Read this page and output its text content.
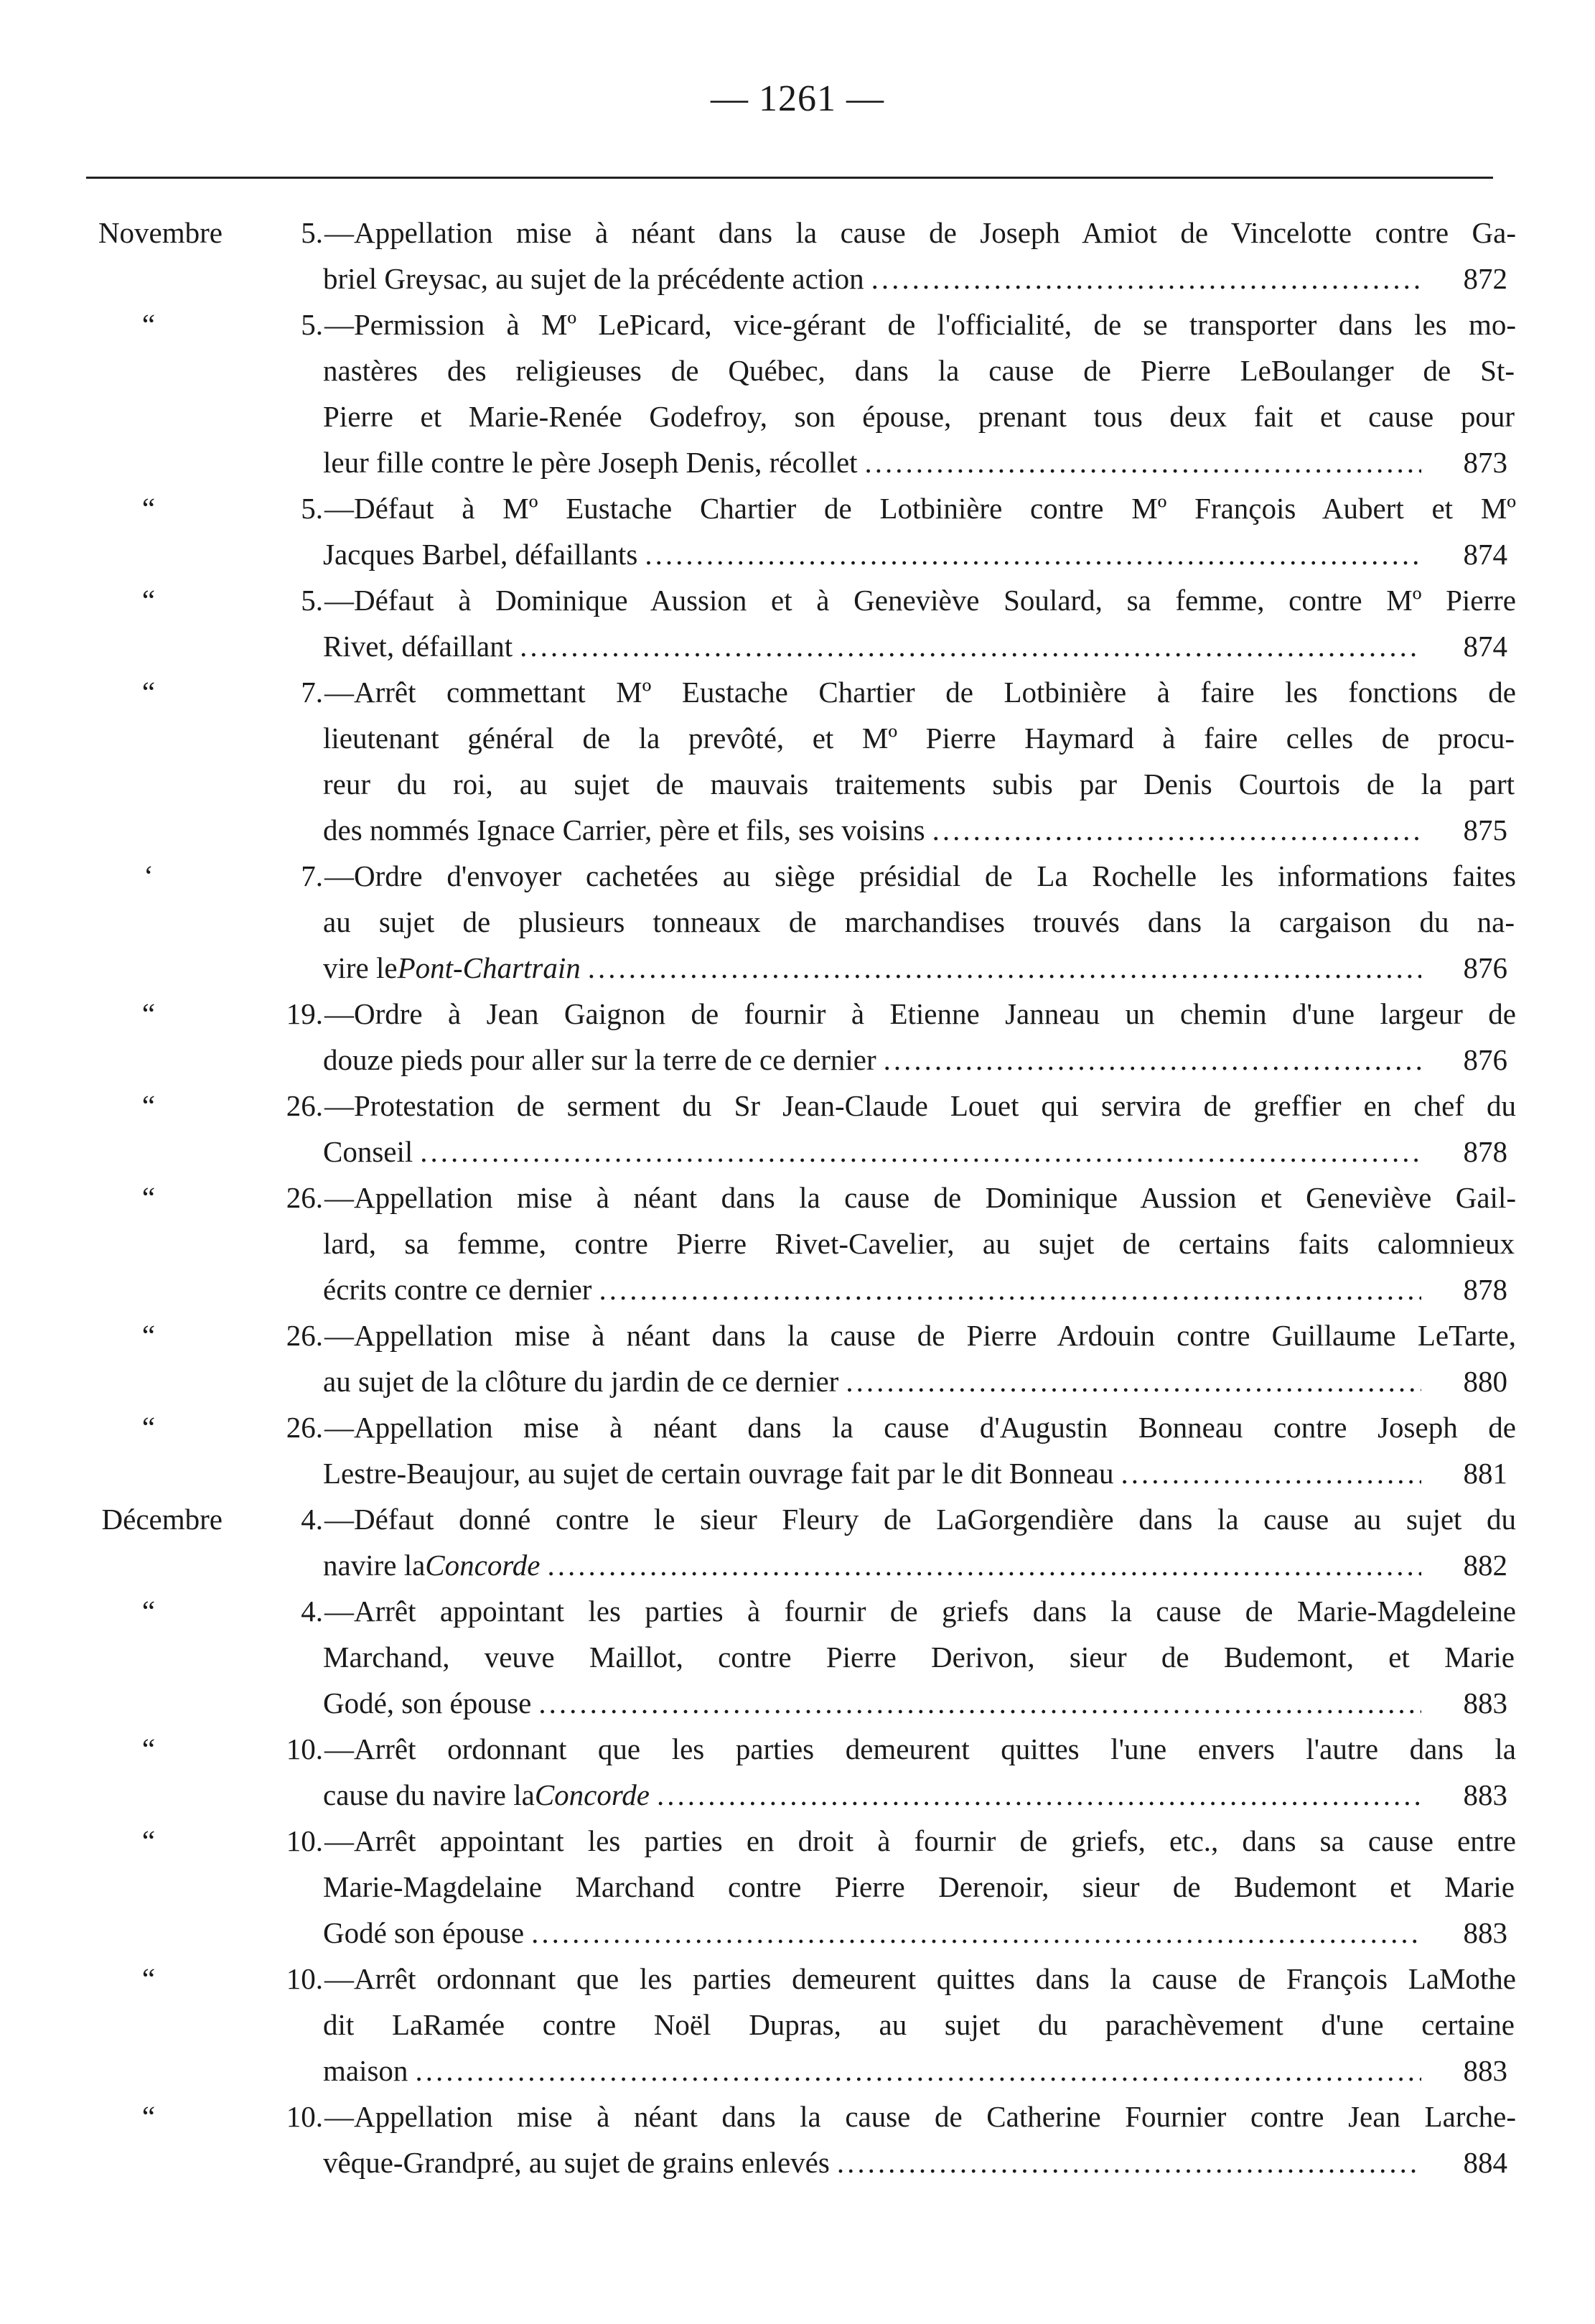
— 1261 —
Novembre	5. —Appellation mise à néant dans la cause de Joseph Amiot de Vincelotte contre Ga-
briel Greysac, au sujet de la précédente action .....	872
“	5. —Permission à Mº LePicard, vice-gérant de l'officialité, de se transporter dans les mo-
nastères des religieuses de Québec, dans la cause de Pierre LeBoulanger de St-
Pierre et Marie-Renée Godefroy, son épouse, prenant tous deux fait et cause pour
leur fille contre le père Joseph Denis, récollet .....	873
“	5. —Défaut à Mº Eustache Chartier de Lotbinière contre Mº François Aubert et Mº
Jacques Barbel, défaillants .....	874
“	5. —Défaut à Dominique Aussion et à Geneviève Soulard, sa femme, contre Mº Pierre
Rivet, défaillant .....	874
“	7. —Arrêt commettant Mº Eustache Chartier de Lotbinière à faire les fonctions de
lieutenant général de la prevôté, et Mº Pierre Haymard à faire celles de procu-
reur du roi, au sujet de mauvais traitements subis par Denis Courtois de la part
des nommés Ignace Carrier, père et fils, ses voisins .....	875
‘	7. —Ordre d'envoyer cachetées au siège présidial de La Rochelle les informations faites
au sujet de plusieurs tonneaux de marchandises trouvés dans la cargaison du na-
vire le Pont-Chartrain .....	876
“	19. —Ordre à Jean Gaignon de fournir à Etienne Janneau un chemin d'une largeur de
douze pieds pour aller sur la terre de ce dernier .....	876
“	26. —Protestation de serment du Sr Jean-Claude Louet qui servira de greffier en chef du
Conseil .....	878
“	26. —Appellation mise à néant dans la cause de Dominique Aussion et Geneviève Gail-
lard, sa femme, contre Pierre Rivet-Cavelier, au sujet de certains faits calomnieux
écrits contre ce dernier .....	878
“	26. —Appellation mise à néant dans la cause de Pierre Ardouin contre Guillaume LeTarte,
au sujet de la clôture du jardin de ce dernier .....	880
“	26. —Appellation mise à néant dans la cause d'Augustin Bonneau contre Joseph de
Lestre-Beaujour, au sujet de certain ouvrage fait par le dit Bonneau .....	881
Décembre	4. —Défaut donné contre le sieur Fleury de LaGorgendière dans la cause au sujet du
navire la Concorde .....	882
“	4. —Arrêt appointant les parties à fournir de griefs dans la cause de Marie-Magdeleine
Marchand, veuve Maillot, contre Pierre Derivon, sieur de Budemont, et Marie
Godé, son épouse .....	883
“	10. —Arrêt ordonnant que les parties demeurent quittes l'une envers l'autre dans la
cause du navire la Concorde .....	883
“	10. —Arrêt appointant les parties en droit à fournir de griefs, etc., dans sa cause entre
Marie-Magdelaine Marchand contre Pierre Derenoir, sieur de Budemont et Marie
Godé son épouse .....	883
“	10. —Arrêt ordonnant que les parties demeurent quittes dans la cause de François LaMothe
dit LaRamée contre Noël Dupras, au sujet du parachèvement d'une certaine
maison .....	883
“	10. —Appellation mise à néant dans la cause de Catherine Fournier contre Jean Larche-
vêque-Grandpré, au sujet de grains enlevés .....	884
